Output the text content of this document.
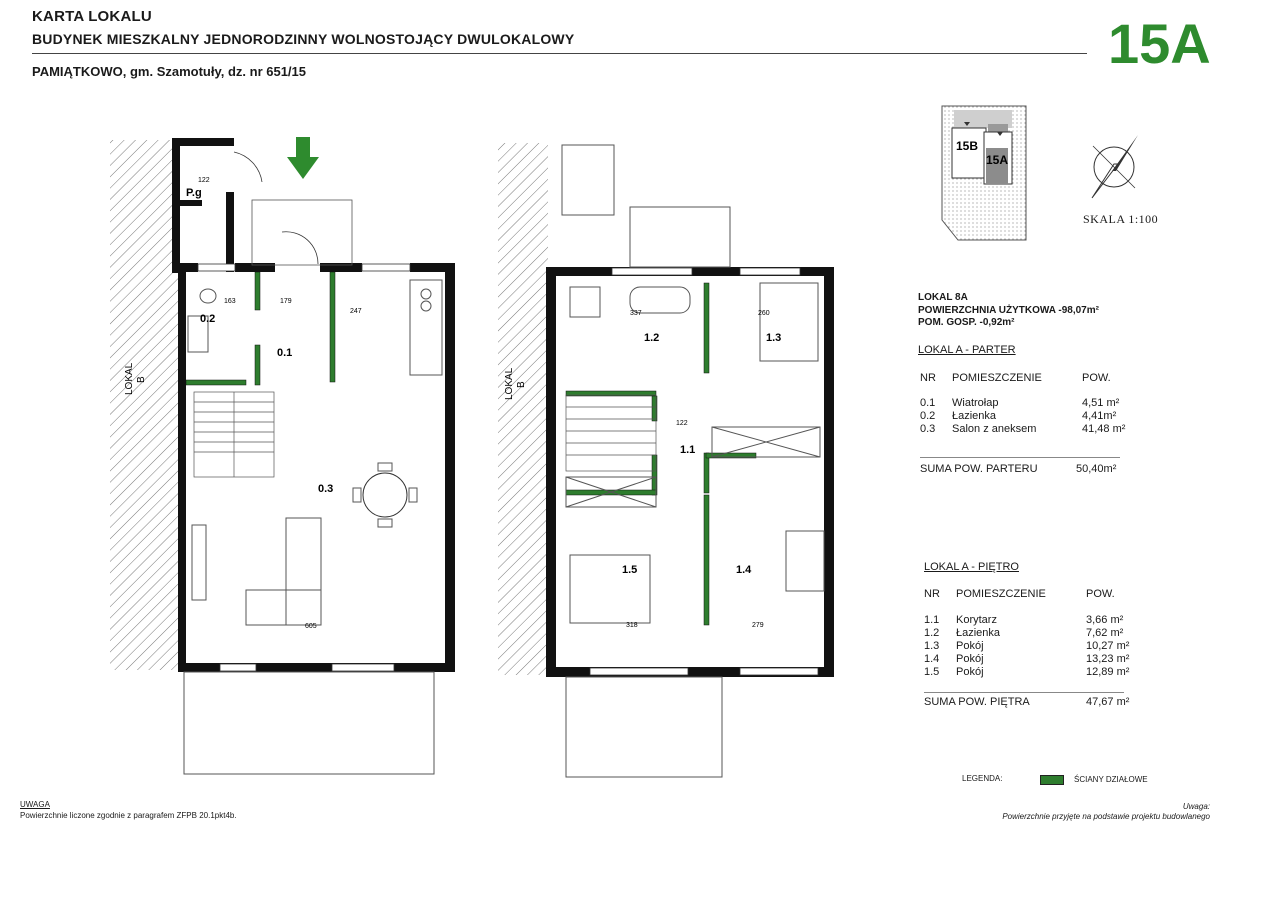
KARTA LOKALU
BUDYNEK MIESZKALNY JEDNORODZINNY WOLNOSTOJĄCY DWULOKALOWY
PAMIĄTKOWO, gm. Szamotuły, dz. nr 651/15	15A
15B
15A
SKALA 1:100
LOKAL 8A
POWIERZCHNIA UŻYTKOWA -98,07m²
POM. GOSP. -0,92m²
LOKAL A - PARTER
NR POMIESZCZENIE	POW.
0.1 Wiatrołap	4,51 m²
0.2 Łazienka	4,41m²
0.3 Salon z aneksem	41,48 m²
SUMA POW. PARTERU	50,40m²
LOKAL A - PIĘTRO
NR POMIESZCZENIE	POW.
1.1 Korytarz	3,66 m²
1.2 Łazienka	7,62 m²
1.3 Pokój	10,27 m²
1.4 Pokój	13,23 m²
1.5 Pokój	12,89 m²
SUMA POW. PIĘTRA	47,67 m²
LEGENDA:	ŚCIANY DZIAŁOWE
UWAGA
Powierzchnie liczone zgodnie z paragrafem ZFPB 20.1pkt4b.
Uwaga:
Powierzchnie przyjęte na podstawie projektu budowlanego
LOKAL B
P.g
122
0.2
0.1
0.3
163	179
247
605
LOKAL B
1.2	1.3
1.1
1.5	1.4
337	260
122
318	279
